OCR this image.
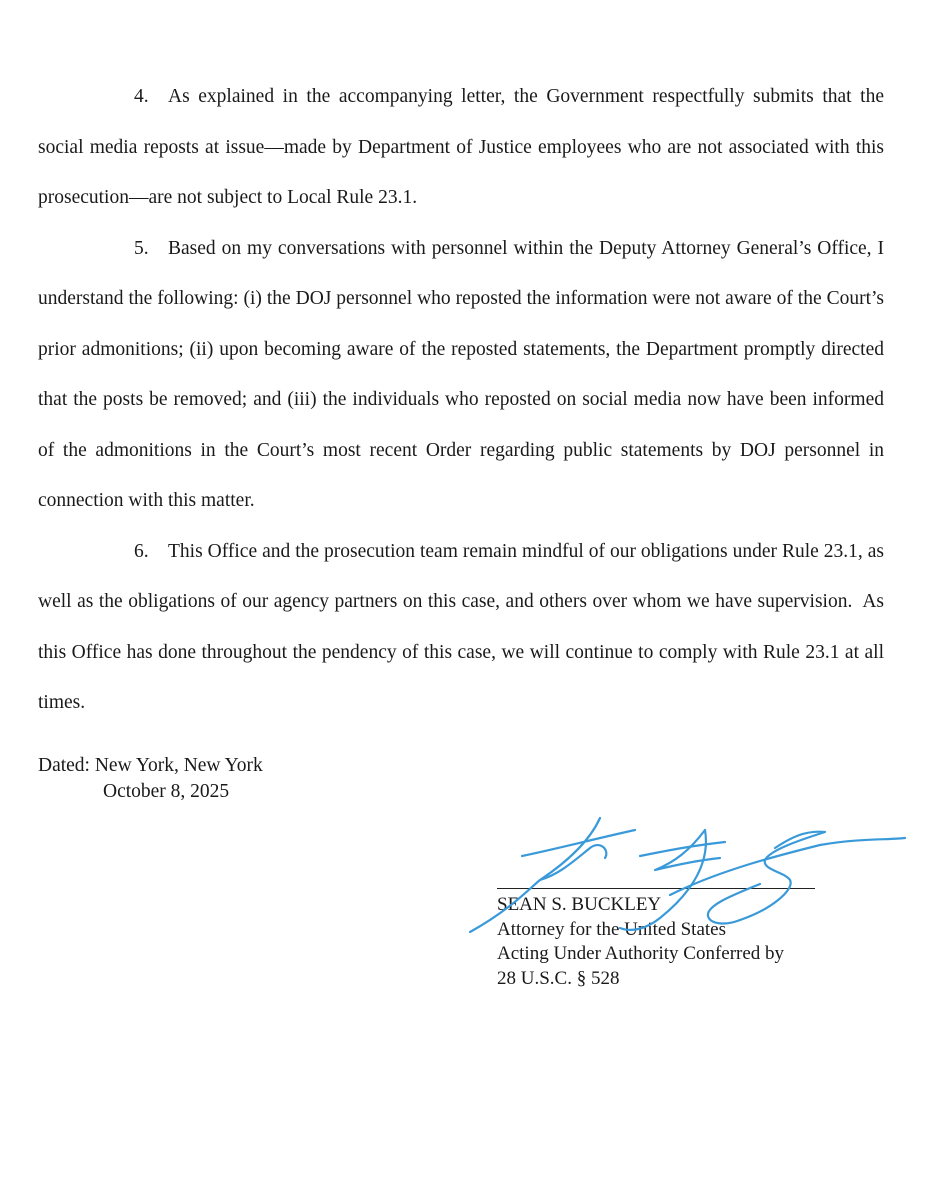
4. As explained in the accompanying letter, the Government respectfully submits that the social media reposts at issue—made by Department of Justice employees who are not associated with this prosecution—are not subject to Local Rule 23.1.

5. Based on my conversations with personnel within the Deputy Attorney General’s Office, I understand the following: (i) the DOJ personnel who reposted the information were not aware of the Court’s prior admonitions; (ii) upon becoming aware of the reposted statements, the Department promptly directed that the posts be removed; and (iii) the individuals who reposted on social media now have been informed of the admonitions in the Court’s most recent Order regarding public statements by DOJ personnel in connection with this matter.

6. This Office and the prosecution team remain mindful of our obligations under Rule 23.1, as well as the obligations of our agency partners on this case, and others over whom we have supervision.  As this Office has done throughout the pendency of this case, we will continue to comply with Rule 23.1 at all times.

Dated: New York, New York
October 8, 2025
SEAN S. BUCKLEY
Attorney for the United States
Acting Under Authority Conferred by
28 U.S.C. § 528
